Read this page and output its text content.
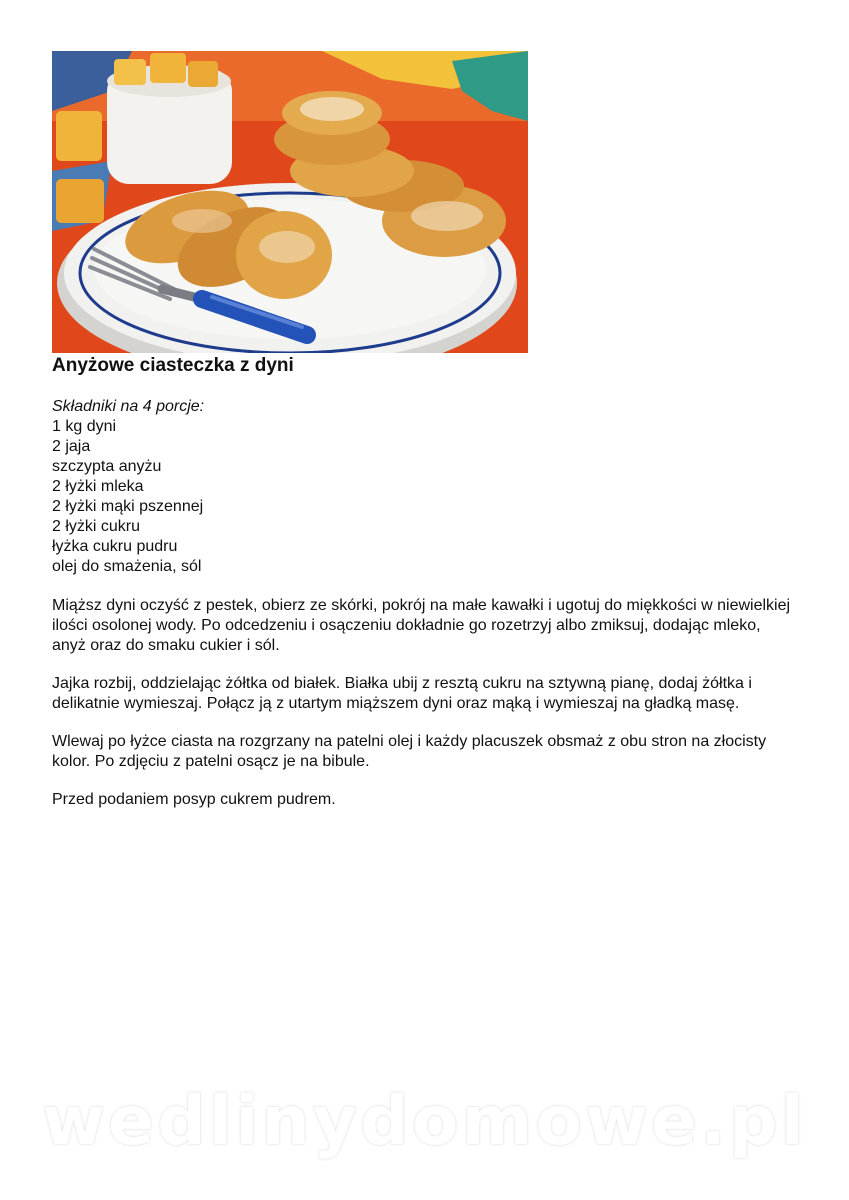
Anyżowe ciasteczka z dyni
Składniki na 4 porcje:
1 kg dyni
2 jaja
szczypta anyżu
2 łyżki mleka
2 łyżki mąki pszennej
2 łyżki cukru
łyżka cukru pudru
olej do smażenia, sól

Miąższ dyni oczyść z pestek, obierz ze skórki, pokrój na małe kawałki i ugotuj do miękkości w niewielkiej ilości osolonej wody. Po odcedzeniu i osączeniu dokładnie go rozetrzyj albo zmiksuj, dodając mleko, anyż oraz do smaku cukier i sól.

Jajka rozbij, oddzielając żółtka od białek. Białka ubij z resztą cukru na sztywną pianę, dodaj żółtka i delikatnie wymieszaj. Połącz ją z utartym miąższem dyni oraz mąką i wymieszaj na gładką masę.

Wlewaj po łyżce ciasta na rozgrzany na patelni olej i każdy placuszek obsmaż z obu stron na złocisty kolor. Po zdjęciu z patelni osącz je na bibule.

Przed podaniem posyp cukrem pudrem.

wedlinydomowe.pl
